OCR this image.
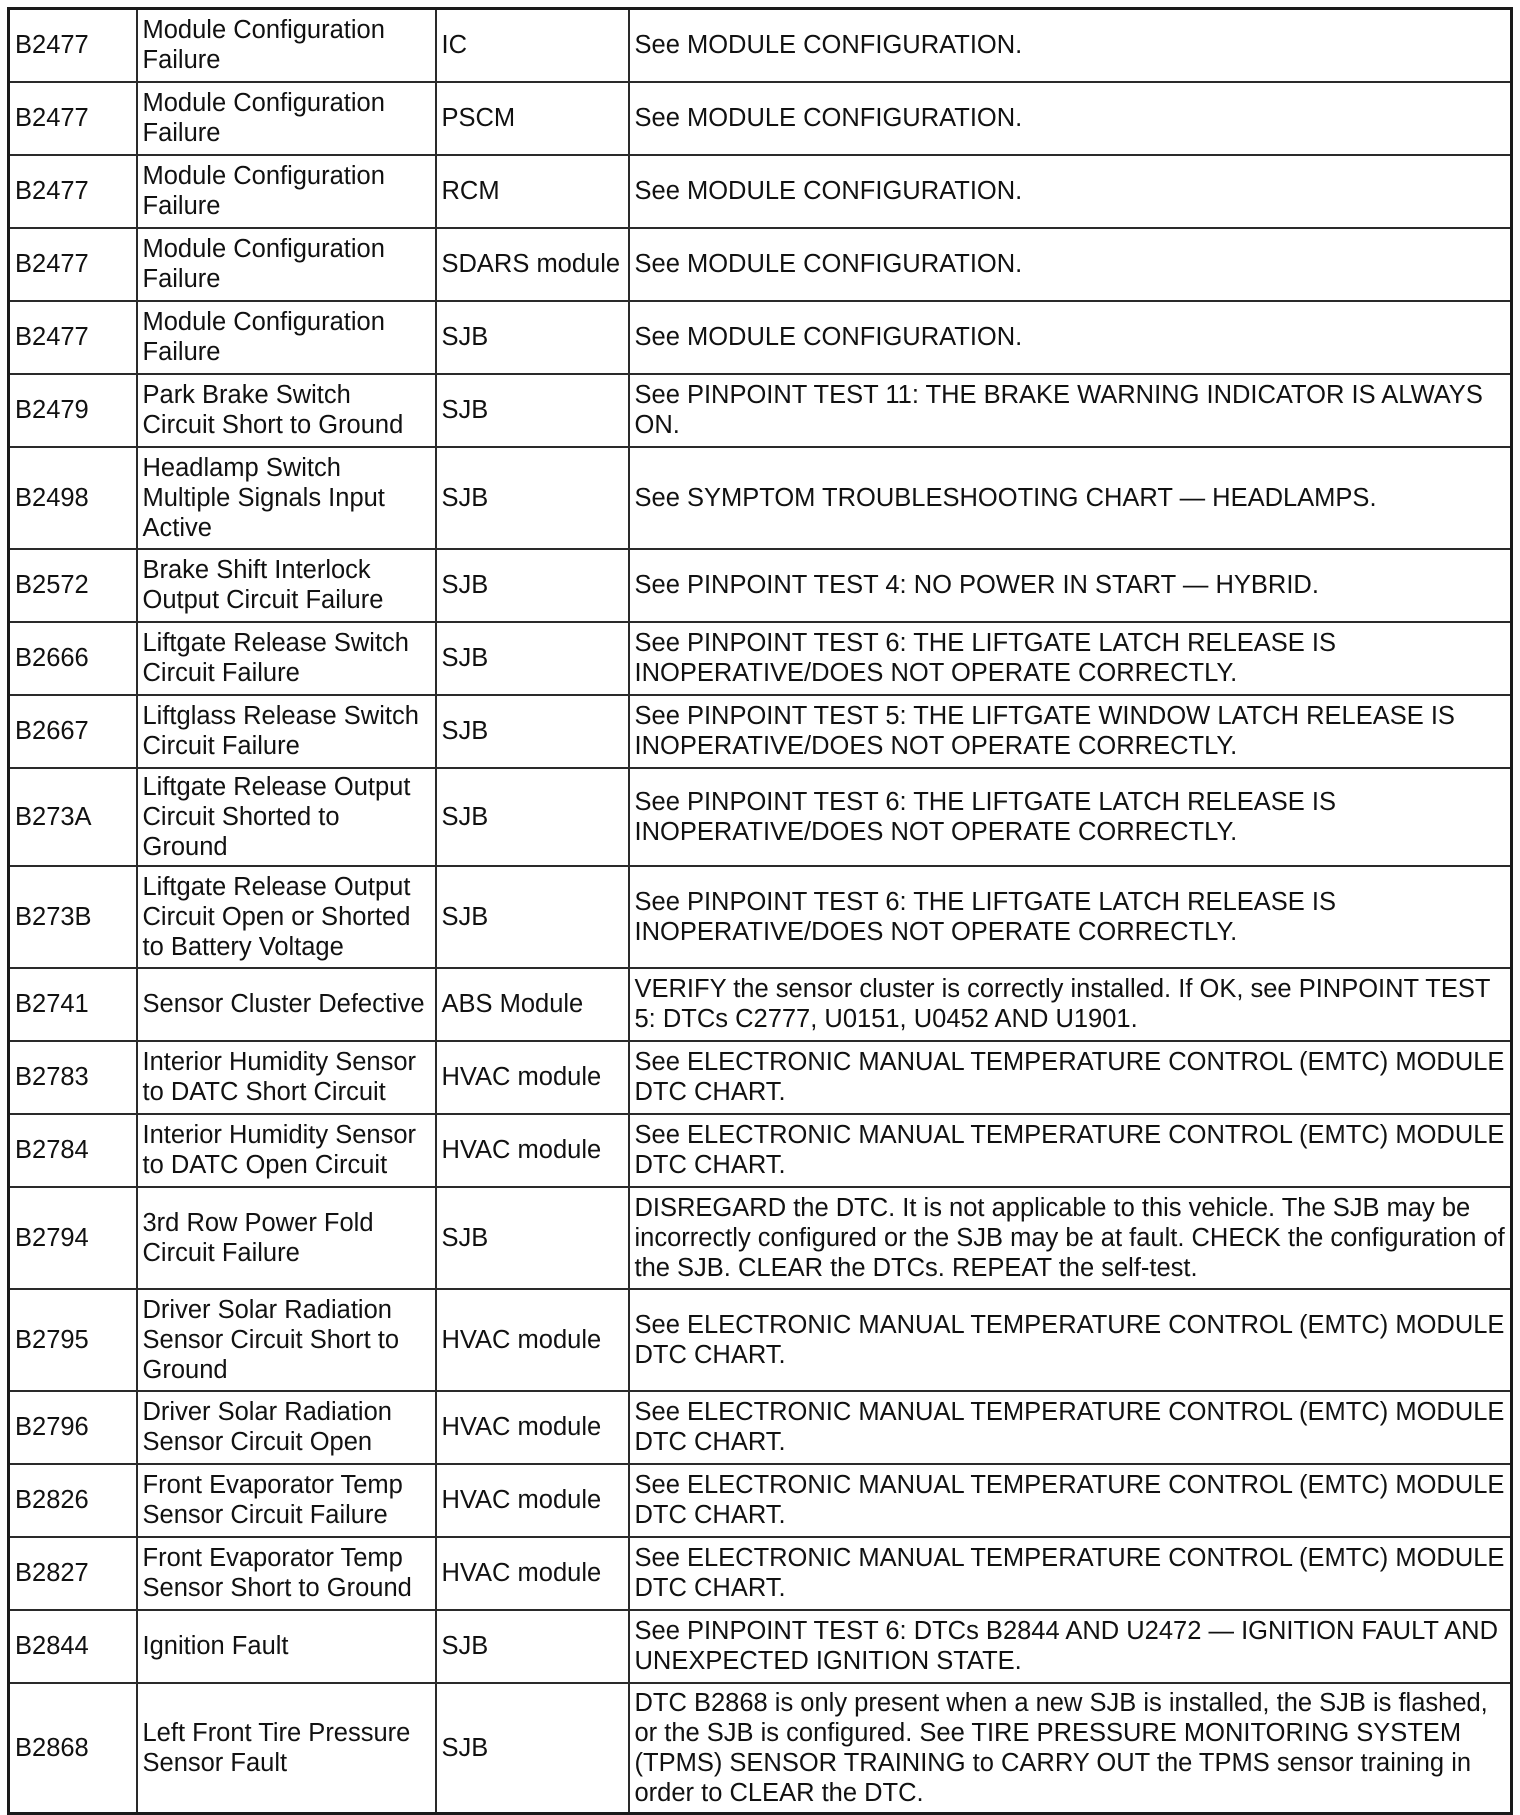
B2477	Module Configuration Failure	IC	See MODULE CONFIGURATION.
B2477	Module Configuration Failure	PSCM	See MODULE CONFIGURATION.
B2477	Module Configuration Failure	RCM	See MODULE CONFIGURATION.
B2477	Module Configuration Failure	SDARS module	See MODULE CONFIGURATION.
B2477	Module Configuration Failure	SJB	See MODULE CONFIGURATION.
B2479	Park Brake Switch Circuit Short to Ground	SJB	See PINPOINT TEST 11: THE BRAKE WARNING INDICATOR IS ALWAYS ON.
B2498	Headlamp Switch Multiple Signals Input Active	SJB	See SYMPTOM TROUBLESHOOTING CHART — HEADLAMPS.
B2572	Brake Shift Interlock Output Circuit Failure	SJB	See PINPOINT TEST 4: NO POWER IN START — HYBRID.
B2666	Liftgate Release Switch Circuit Failure	SJB	See PINPOINT TEST 6: THE LIFTGATE LATCH RELEASE IS INOPERATIVE/DOES NOT OPERATE CORRECTLY.
B2667	Liftglass Release Switch Circuit Failure	SJB	See PINPOINT TEST 5: THE LIFTGATE WINDOW LATCH RELEASE IS INOPERATIVE/DOES NOT OPERATE CORRECTLY.
B273A	Liftgate Release Output Circuit Shorted to Ground	SJB	See PINPOINT TEST 6: THE LIFTGATE LATCH RELEASE IS INOPERATIVE/DOES NOT OPERATE CORRECTLY.
B273B	Liftgate Release Output Circuit Open or Shorted to Battery Voltage	SJB	See PINPOINT TEST 6: THE LIFTGATE LATCH RELEASE IS INOPERATIVE/DOES NOT OPERATE CORRECTLY.
B2741	Sensor Cluster Defective	ABS Module	VERIFY the sensor cluster is correctly installed. If OK, see PINPOINT TEST 5: DTCs C2777, U0151, U0452 AND U1901.
B2783	Interior Humidity Sensor to DATC Short Circuit	HVAC module	See ELECTRONIC MANUAL TEMPERATURE CONTROL (EMTC) MODULE DTC CHART.
B2784	Interior Humidity Sensor to DATC Open Circuit	HVAC module	See ELECTRONIC MANUAL TEMPERATURE CONTROL (EMTC) MODULE DTC CHART.
B2794	3rd Row Power Fold Circuit Failure	SJB	DISREGARD the DTC. It is not applicable to this vehicle. The SJB may be incorrectly configured or the SJB may be at fault. CHECK the configuration of the SJB. CLEAR the DTCs. REPEAT the self-test.
B2795	Driver Solar Radiation Sensor Circuit Short to Ground	HVAC module	See ELECTRONIC MANUAL TEMPERATURE CONTROL (EMTC) MODULE DTC CHART.
B2796	Driver Solar Radiation Sensor Circuit Open	HVAC module	See ELECTRONIC MANUAL TEMPERATURE CONTROL (EMTC) MODULE DTC CHART.
B2826	Front Evaporator Temp Sensor Circuit Failure	HVAC module	See ELECTRONIC MANUAL TEMPERATURE CONTROL (EMTC) MODULE DTC CHART.
B2827	Front Evaporator Temp Sensor Short to Ground	HVAC module	See ELECTRONIC MANUAL TEMPERATURE CONTROL (EMTC) MODULE DTC CHART.
B2844	Ignition Fault	SJB	See PINPOINT TEST 6: DTCs B2844 AND U2472 — IGNITION FAULT AND UNEXPECTED IGNITION STATE.
B2868	Left Front Tire Pressure Sensor Fault	SJB	DTC B2868 is only present when a new SJB is installed, the SJB is flashed, or the SJB is configured. See TIRE PRESSURE MONITORING SYSTEM (TPMS) SENSOR TRAINING to CARRY OUT the TPMS sensor training in order to CLEAR the DTC.
